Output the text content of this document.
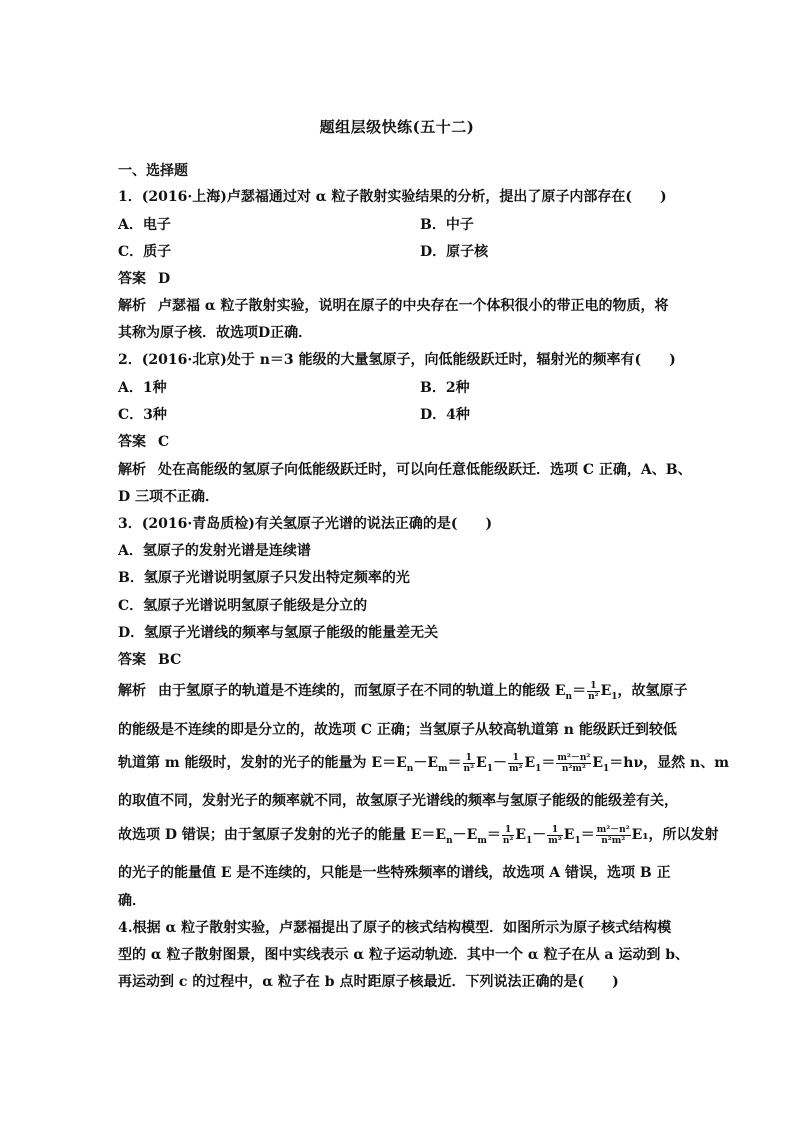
题组层级快练(五十二)
一、选择题
1．(2016·上海)卢瑟福通过对 α 粒子散射实验结果的分析，提出了原子内部存在(　　)
A．电子	B．中子
C．质子	D．原子核
答案 D
解析 卢瑟福 α 粒子散射实验，说明在原子的中央存在一个体积很小的带正电的物质，将
其称为原子核．故选项D正确．
2．(2016·北京)处于 n＝3 能级的大量氢原子，向低能级跃迁时，辐射光的频率有(　　)
A．1种	B．2种
C．3种	D．4种
答案 C
解析 处在高能级的氢原子向低能级跃迁时，可以向任意低能级跃迁．选项 C 正确，A、B、
D 三项不正确．
3．(2016·青岛质检)有关氢原子光谱的说法正确的是(　　)
A．氢原子的发射光谱是连续谱
B．氢原子光谱说明氢原子只发出特定频率的光
C．氢原子光谱说明氢原子能级是分立的
D．氢原子光谱线的频率与氢原子能级的能量差无关
答案 BC
解析 由于氢原子的轨道是不连续的，而氢原子在不同的轨道上的能级 $E_n= \frac{1}{\text{n²}} E_1$，故氢原子
的能级是不连续的即是分立的，故选项 C 正确；当氢原子从较高轨道第 n 能级跃迁到较低
轨道第 m 能级时，发射的光子的能量为 $E=E_n-E_m= \frac{1}{\text{n²}} E_1- \frac{1}{\text{m²}} E_1= \frac{\text{m²－n²}}{\text{n²m²}} E_1=h\nu$，显然 n、m
的取值不同，发射光子的频率就不同，故氢原子光谱线的频率与氢原子能级的能级差有关，
故选项 D 错误；由于氢原子发射的光子的能量 $E=E_n-E_m= \frac{1}{\text{n²}} E_1- \frac{1}{\text{m²}} E_1= \frac{\text{m²－n²}}{\text{n²m²}} E_1$，所以发射
的光子的能量值 E 是不连续的，只能是一些特殊频率的谱线，故选项 A 错误，选项 B 正
确．
4.根据 α 粒子散射实验，卢瑟福提出了原子的核式结构模型．如图所示为原子核式结构模
型的 α 粒子散射图景，图中实线表示 α 粒子运动轨迹．其中一个 α 粒子在从 a 运动到 b、
再运动到 c 的过程中，α 粒子在 b 点时距原子核最近．下列说法正确的是(　　)
